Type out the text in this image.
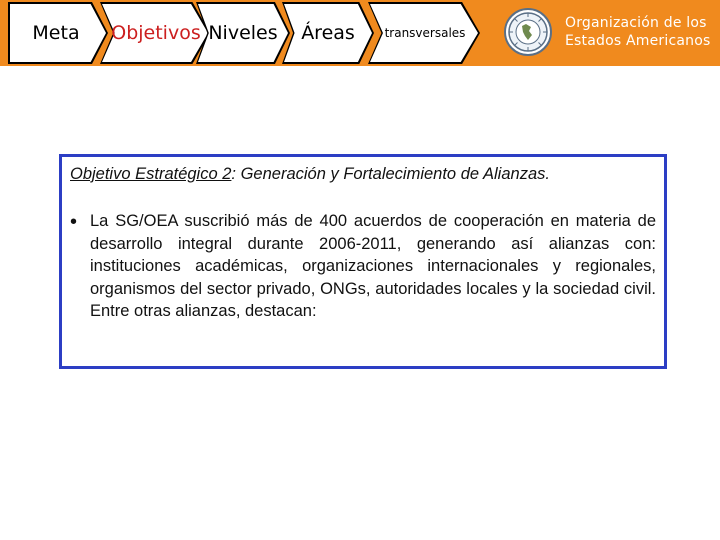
Meta	Objetivos Niveles	Áreas	transversales
Organización de los
Estados Americanos
Objetivo Estratégico 2: Generación y Fortalecimiento de Alianzas.
• La SG/OEA suscribió más de 400 acuerdos de cooperación en materia de desarrollo integral durante 2006-2011, generando así alianzas con: instituciones académicas, organizaciones internacionales y regionales, organismos del sector privado, ONGs, autoridades locales y la sociedad civil. Entre otras alianzas, destacan:
